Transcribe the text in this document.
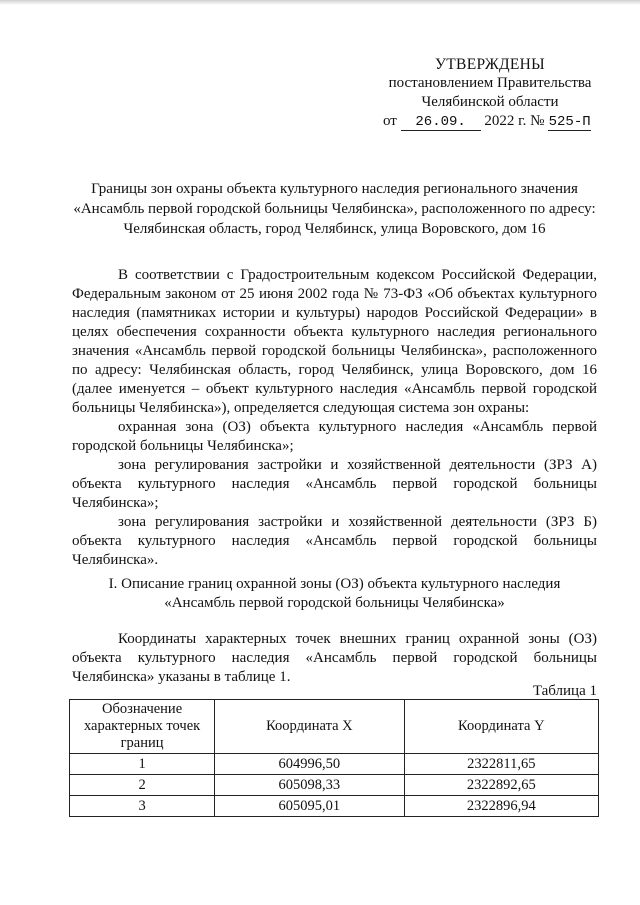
УТВЕРЖДЕНЫ
постановлением Правительства
Челябинской области
от 26.09. 2022 г. № 525-П
Границы зон охраны объекта культурного наследия регионального значения «Ансамбль первой городской больницы Челябинска», расположенного по адресу: Челябинская область, город Челябинск, улица Воровского, дом 16

В соответствии с Градостроительным кодексом Российской Федерации, Федеральным законом от 25 июня 2002 года № 73-ФЗ «Об объектах культурного наследия (памятниках истории и культуры) народов Российской Федерации» в целях обеспечения сохранности объекта культурного наследия регионального значения «Ансамбль первой городской больницы Челябинска», расположенного по адресу: Челябинская область, город Челябинск, улица Воровского, дом 16 (далее именуется – объект культурного наследия «Ансамбль первой городской больницы Челябинска»), определяется следующая система зон охраны:

охранная зона (ОЗ) объекта культурного наследия «Ансамбль первой городской больницы Челябинска»;

зона регулирования застройки и хозяйственной деятельности (ЗРЗ А) объекта культурного наследия «Ансамбль первой городской больницы Челябинска»;

зона регулирования застройки и хозяйственной деятельности (ЗРЗ Б) объекта культурного наследия «Ансамбль первой городской больницы Челябинска».

I. Описание границ охранной зоны (ОЗ) объекта культурного наследия
«Ансамбль первой городской больницы Челябинска»
Координаты характерных точек внешних границ охранной зоны (ОЗ) объекта культурного наследия «Ансамбль первой городской больницы Челябинска» указаны в таблице 1.
Таблица 1
Обозначение характерных точек границ	Координата X	Координата Y
1	604996,50	2322811,65
2	605098,33	2322892,65
3	605095,01	2322896,94
